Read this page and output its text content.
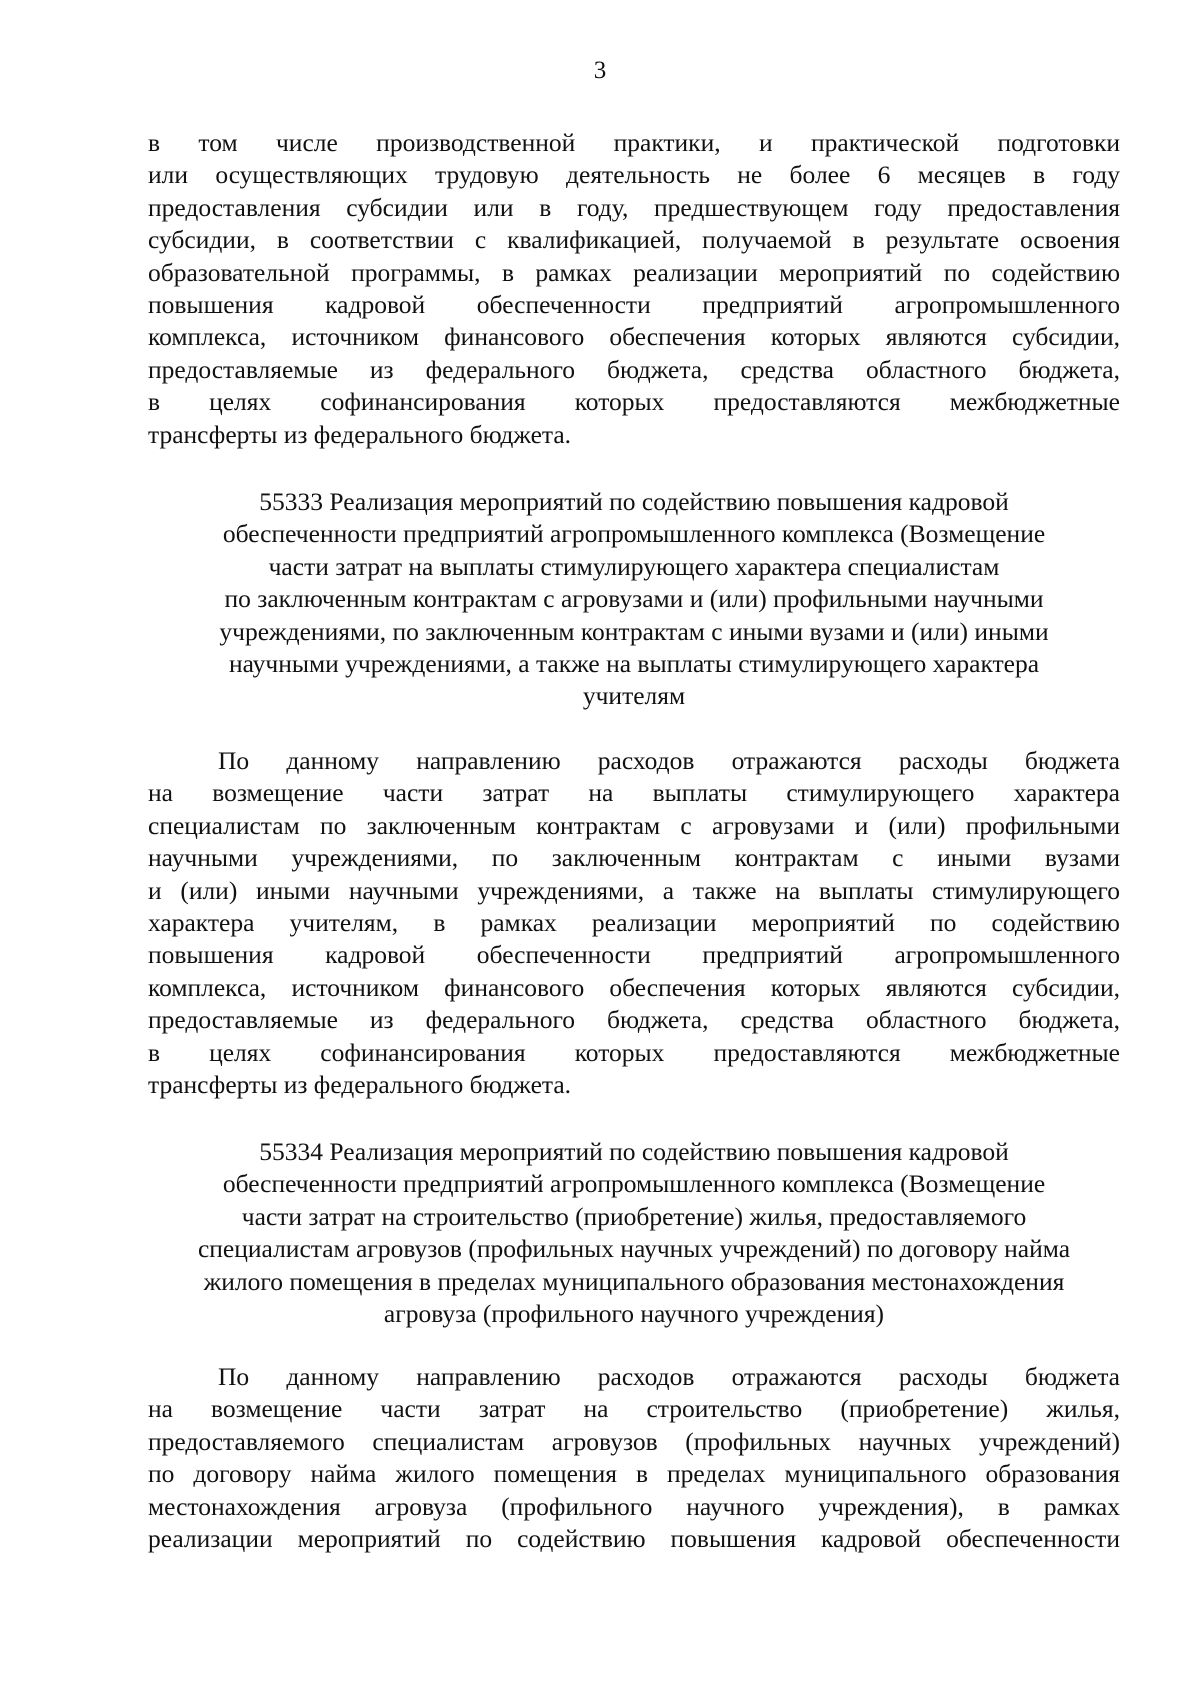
3
в том числе производственной практики, и практической подготовки
или осуществляющих трудовую деятельность не более 6 месяцев в году
предоставления субсидии или в году, предшествующем году предоставления
субсидии, в соответствии с квалификацией, получаемой в результате освоения
образовательной программы, в рамках реализации мероприятий по содействию
повышения кадровой обеспеченности предприятий агропромышленного
комплекса, источником финансового обеспечения которых являются субсидии,
предоставляемые из федерального бюджета, средства областного бюджета,
в целях софинансирования которых предоставляются межбюджетные
трансферты из федерального бюджета.
55333 Реализация мероприятий по содействию повышения кадровой
обеспеченности предприятий агропромышленного комплекса (Возмещение
части затрат на выплаты стимулирующего характера специалистам
по заключенным контрактам с агровузами и (или) профильными научными
учреждениями, по заключенным контрактам с иными вузами и (или) иными
научными учреждениями, а также на выплаты стимулирующего характера
учителям
По данному направлению расходов отражаются расходы бюджета
на возмещение части затрат на выплаты стимулирующего характера
специалистам по заключенным контрактам с агровузами и (или) профильными
научными учреждениями, по заключенным контрактам с иными вузами
и (или) иными научными учреждениями, а также на выплаты стимулирующего
характера учителям, в рамках реализации мероприятий по содействию
повышения кадровой обеспеченности предприятий агропромышленного
комплекса, источником финансового обеспечения которых являются субсидии,
предоставляемые из федерального бюджета, средства областного бюджета,
в целях софинансирования которых предоставляются межбюджетные
трансферты из федерального бюджета.
55334 Реализация мероприятий по содействию повышения кадровой
обеспеченности предприятий агропромышленного комплекса (Возмещение
части затрат на строительство (приобретение) жилья, предоставляемого
специалистам агровузов (профильных научных учреждений) по договору найма
жилого помещения в пределах муниципального образования местонахождения
агровуза (профильного научного учреждения)
По данному направлению расходов отражаются расходы бюджета
на возмещение части затрат на строительство (приобретение) жилья,
предоставляемого специалистам агровузов (профильных научных учреждений)
по договору найма жилого помещения в пределах муниципального образования
местонахождения агровуза (профильного научного учреждения), в рамках
реализации мероприятий по содействию повышения кадровой обеспеченности
